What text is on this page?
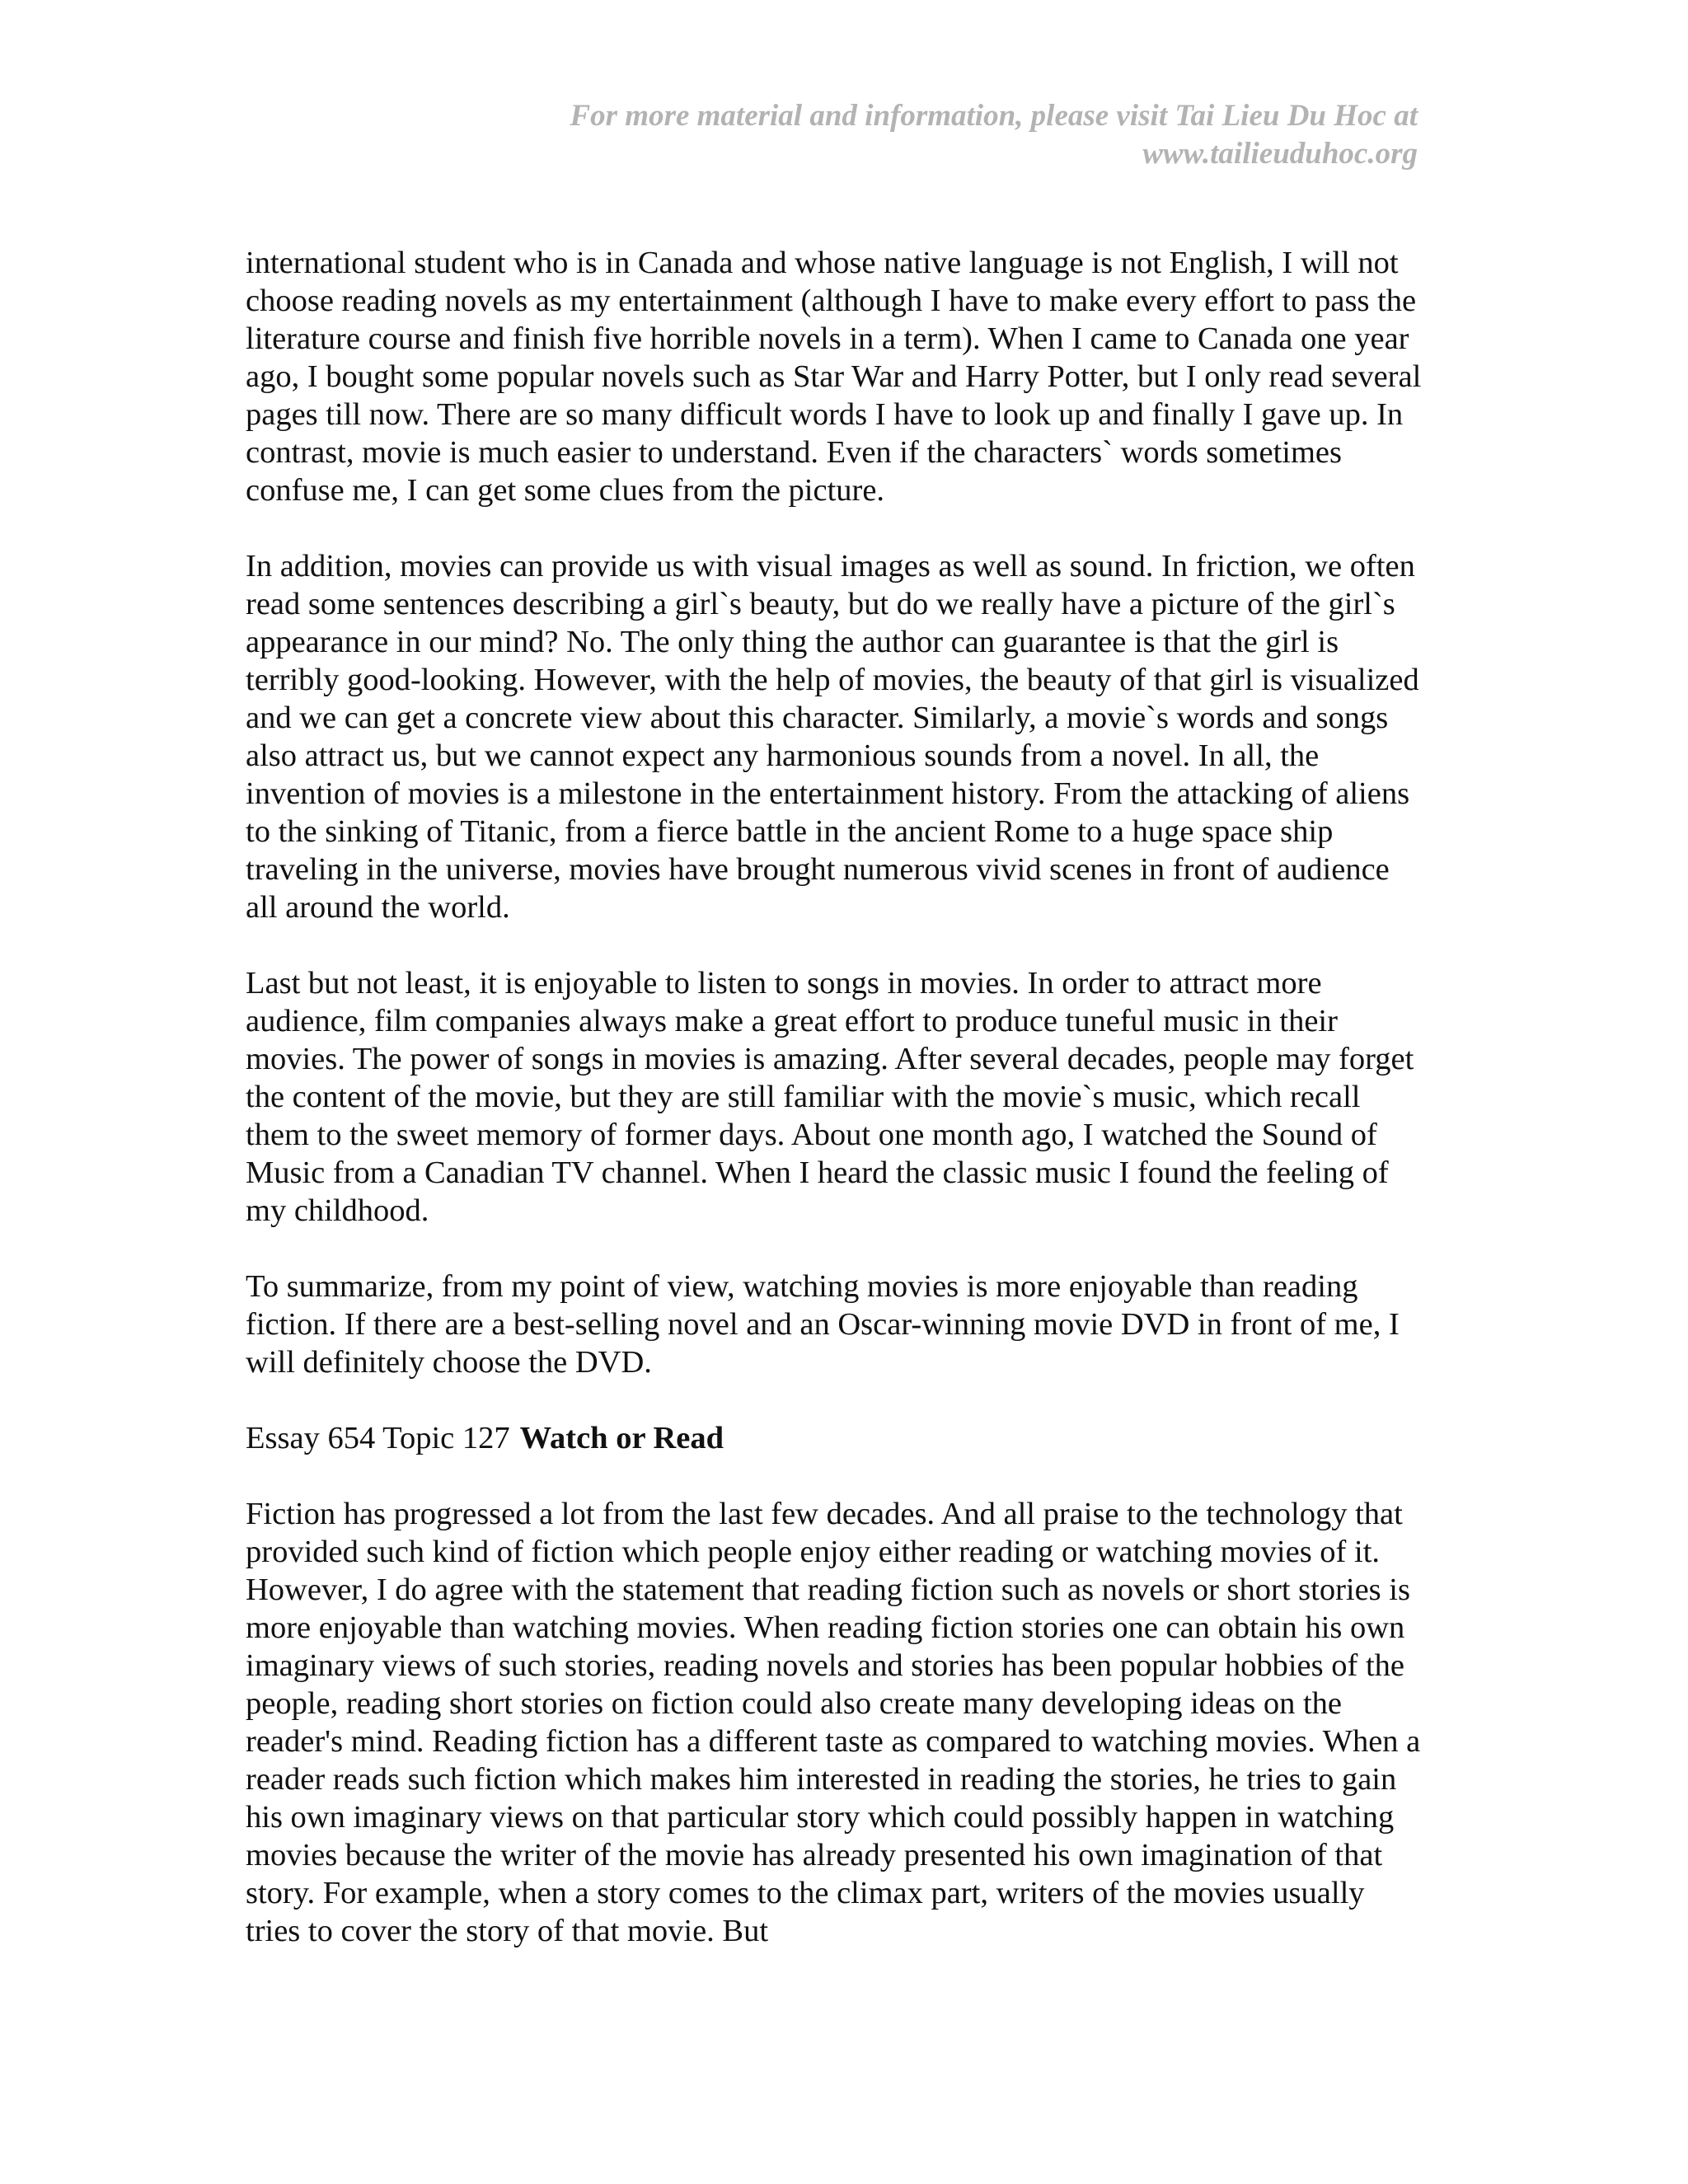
For more material and information, please visit Tai Lieu Du Hoc at
www.tailieuduhoc.org

international student who is in Canada and whose native language is not English, I will not choose reading novels as my entertainment (although I have to make every effort to pass the literature course and finish five horrible novels in a term). When I came to Canada one year ago, I bought some popular novels such as Star War and Harry Potter, but I only read several pages till now. There are so many difficult words I have to look up and finally I gave up. In contrast, movie is much easier to understand. Even if the characters` words sometimes confuse me, I can get some clues from the picture.

In addition, movies can provide us with visual images as well as sound. In friction, we often read some sentences describing a girl`s beauty, but do we really have a picture of the girl`s appearance in our mind? No. The only thing the author can guarantee is that the girl is terribly good-looking. However, with the help of movies, the beauty of that girl is visualized and we can get a concrete view about this character. Similarly, a movie`s words and songs also attract us, but we cannot expect any harmonious sounds from a novel. In all, the invention of movies is a milestone in the entertainment history. From the attacking of aliens to the sinking of Titanic, from a fierce battle in the ancient Rome to a huge space ship traveling in the universe, movies have brought numerous vivid scenes in front of audience all around the world.

Last but not least, it is enjoyable to listen to songs in movies. In order to attract more audience, film companies always make a great effort to produce tuneful music in their movies. The power of songs in movies is amazing. After several decades, people may forget the content of the movie, but they are still familiar with the movie`s music, which recall them to the sweet memory of former days. About one month ago, I watched the Sound of Music from a Canadian TV channel. When I heard the classic music I found the feeling of my childhood.

To summarize, from my point of view, watching movies is more enjoyable than reading fiction. If there are a best-selling novel and an Oscar-winning movie DVD in front of me, I will definitely choose the DVD.

Essay 654 Topic 127 Watch or Read

Fiction has progressed a lot from the last few decades. And all praise to the technology that provided such kind of fiction which people enjoy either reading or watching movies of it. However, I do agree with the statement that reading fiction such as novels or short stories is more enjoyable than watching movies. When reading fiction stories one can obtain his own imaginary views of such stories, reading novels and stories has been popular hobbies of the people, reading short stories on fiction could also create many developing ideas on the reader's mind. Reading fiction has a different taste as compared to watching movies. When a reader reads such fiction which makes him interested in reading the stories, he tries to gain his own imaginary views on that particular story which could possibly happen in watching movies because the writer of the movie has already presented his own imagination of that story. For example, when a story comes to the climax part, writers of the movies usually tries to cover the story of that movie. But
